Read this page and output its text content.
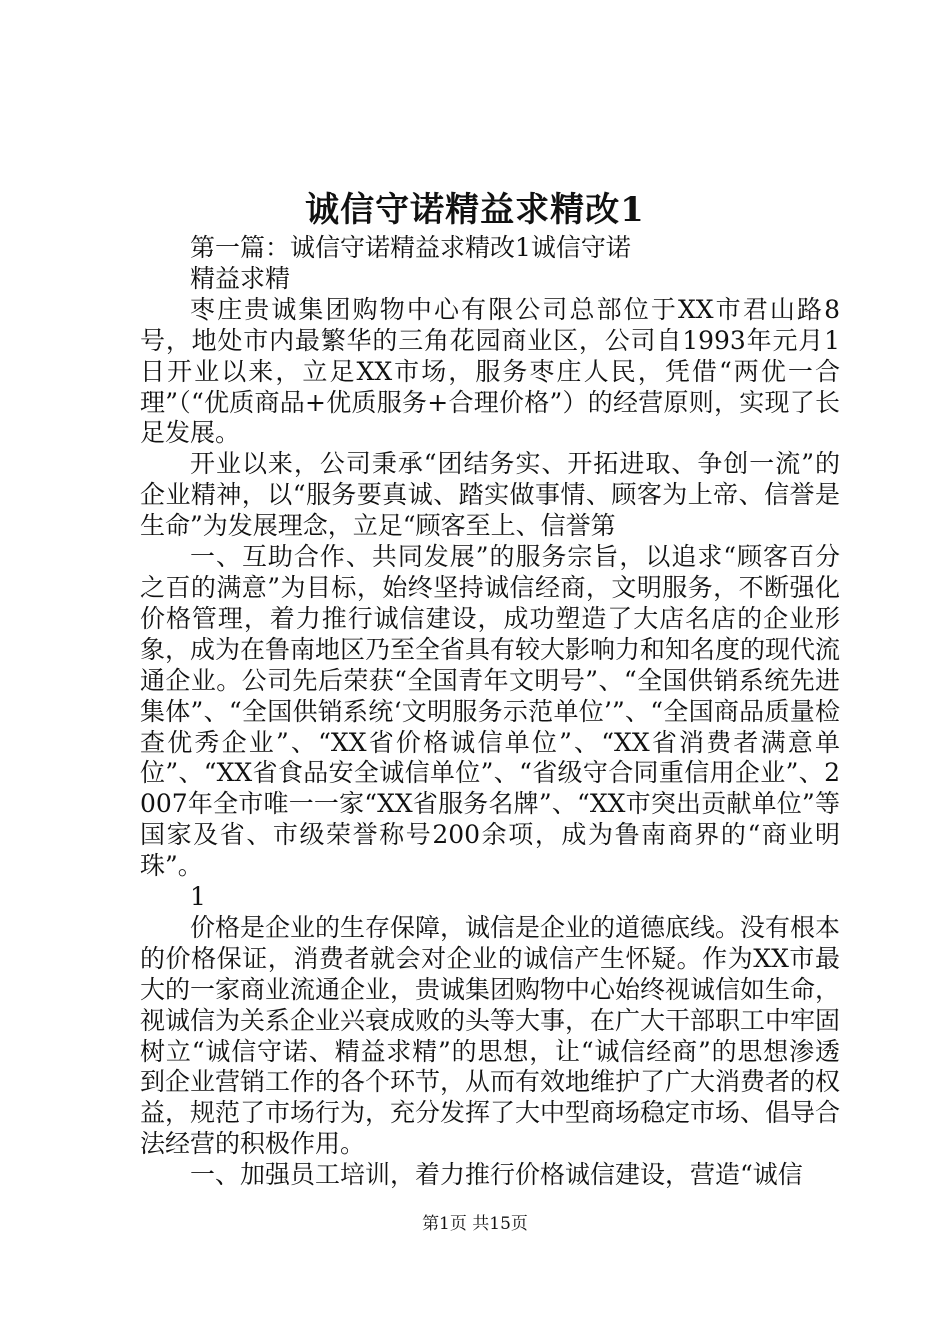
诚信守诺精益求精改1

第一篇：诚信守诺精益求精改1诚信守诺

精益求精

枣庄贵诚集团购物中心有限公司总部位于XX市君山路8号，地处市内最繁华的三角花园商业区，公司自1993年元月1日开业以来，立足XX市场，服务枣庄人民，凭借“两优一合理”（“优质商品+优质服务+合理价格”）的经营原则，实现了长足发展。

开业以来，公司秉承“团结务实、开拓进取、争创一流”的企业精神，以“服务要真诚、踏实做事情、顾客为上帝、信誉是生命”为发展理念，立足“顾客至上、信誉第

一、互助合作、共同发展”的服务宗旨，以追求“顾客百分之百的满意”为目标，始终坚持诚信经商，文明服务，不断强化价格管理，着力推行诚信建设，成功塑造了大店名店的企业形象，成为在鲁南地区乃至全省具有较大影响力和知名度的现代流通企业。公司先后荣获“全国青年文明号”、“全国供销系统先进集体”、“全国供销系统‘文明服务示范单位’”、“全国商品质量检查优秀企业”、“XX省价格诚信单位”、“XX省消费者满意单位”、“XX省食品安全诚信单位”、“省级守合同重信用企业”、2007年全市唯一一家“XX省服务名牌”、“XX市突出贡献单位”等国家及省、市级荣誉称号200余项，成为鲁南商界的“商业明珠”。

1

价格是企业的生存保障，诚信是企业的道德底线。没有根本的价格保证，消费者就会对企业的诚信产生怀疑。作为XX市最大的一家商业流通企业，贵诚集团购物中心始终视诚信如生命，视诚信为关系企业兴衰成败的头等大事，在广大干部职工中牢固树立“诚信守诺、精益求精”的思想，让“诚信经商”的思想渗透到企业营销工作的各个环节，从而有效地维护了广大消费者的权益，规范了市场行为，充分发挥了大中型商场稳定市场、倡导合法经营的积极作用。

一、加强员工培训，着力推行价格诚信建设，营造“诚信

第1页 共15页
